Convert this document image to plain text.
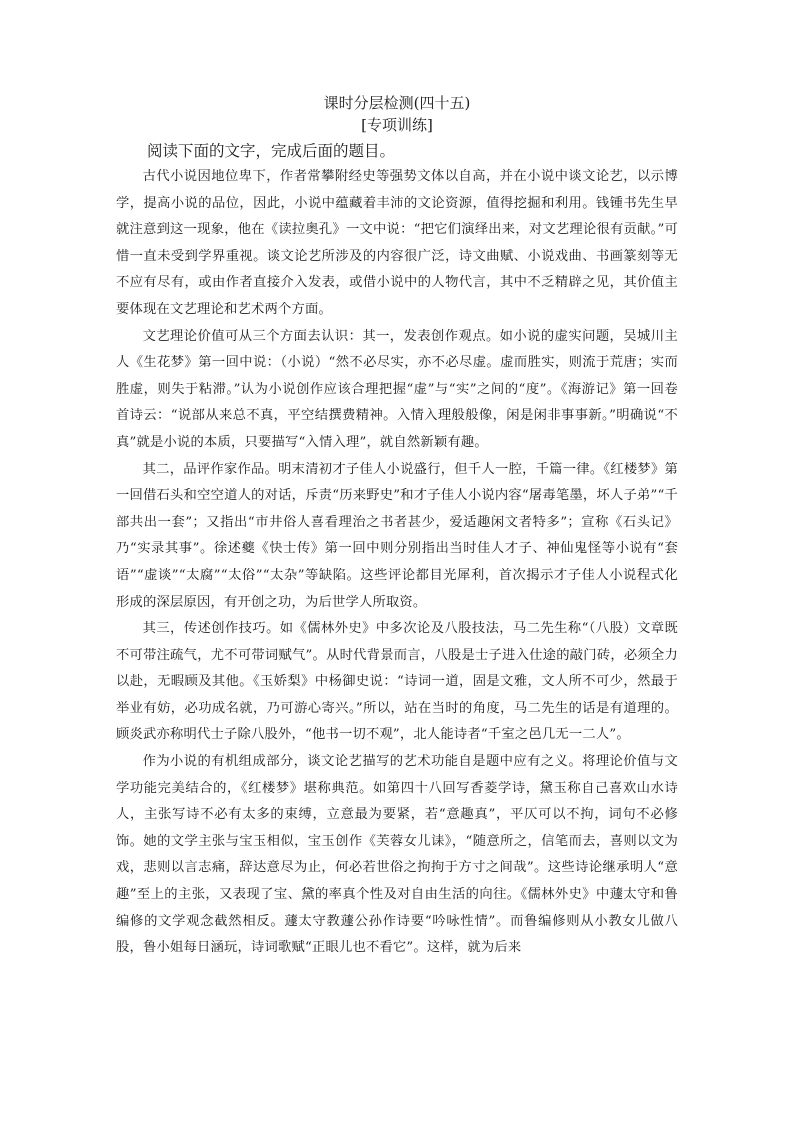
课时分层检测(四十五)
[专项训练]

阅读下面的文字，完成后面的题目。

古代小说因地位卑下，作者常攀附经史等强势文体以自高，并在小说中谈文论艺，以示博学，提高小说的品位，因此，小说中蕴藏着丰沛的文论资源，值得挖掘和利用。钱锺书先生早就注意到这一现象，他在《读拉奥孔》一文中说：“把它们演绎出来，对文艺理论很有贡献。”可惜一直未受到学界重视。谈文论艺所涉及的内容很广泛，诗文曲赋、小说戏曲、书画篆刻等无不应有尽有，或由作者直接介入发表，或借小说中的人物代言，其中不乏精辟之见，其价值主要体现在文艺理论和艺术两个方面。

文艺理论价值可从三个方面去认识：其一，发表创作观点。如小说的虚实问题，吴城川主人《生花梦》第一回中说：（小说）“然不必尽实，亦不必尽虚。虚而胜实，则流于荒唐；实而胜虚，则失于粘滞。”认为小说创作应该合理把握“虚”与“实”之间的“度”。《海游记》第一回卷首诗云：“说部从来总不真，平空结撰费精神。入情入理般般像，闲是闲非事事新。”明确说“不真”就是小说的本质，只要描写“入情入理”，就自然新颖有趣。

其二，品评作家作品。明末清初才子佳人小说盛行，但千人一腔，千篇一律。《红楼梦》第一回借石头和空空道人的对话，斥责“历来野史”和才子佳人小说内容“屠毒笔墨，坏人子弟”“千部共出一套”；又指出“市井俗人喜看理治之书者甚少，爱适趣闲文者特多”；宣称《石头记》乃“实录其事”。徐述夔《快士传》第一回中则分别指出当时佳人才子、神仙鬼怪等小说有“套语”“虚谈”“太腐”“太俗”“太杂”等缺陷。这些评论都目光犀利，首次揭示才子佳人小说程式化形成的深层原因，有开创之功，为后世学人所取资。

其三，传述创作技巧。如《儒林外史》中多次论及八股技法，马二先生称“（八股）文章既不可带注疏气，尤不可带词赋气”。从时代背景而言，八股是士子进入仕途的敲门砖，必须全力以赴，无暇顾及其他。《玉娇梨》中杨御史说：“诗词一道，固是文雅，文人所不可少，然最于举业有妨，必功成名就，乃可游心寄兴。”所以，站在当时的角度，马二先生的话是有道理的。顾炎武亦称明代士子除八股外，“他书一切不观”，北人能诗者“千室之邑几无一二人”。

作为小说的有机组成部分，谈文论艺描写的艺术功能自是题中应有之义。将理论价值与文学功能完美结合的，《红楼梦》堪称典范。如第四十八回写香菱学诗，黛玉称自己喜欢山水诗人，主张写诗不必有太多的束缚，立意最为要紧，若“意趣真”，平仄可以不拘，词句不必修饰。她的文学主张与宝玉相似，宝玉创作《芙蓉女儿诔》，“随意所之，信笔而去，喜则以文为戏，悲则以言志痛，辞达意尽为止，何必若世俗之拘拘于方寸之间哉”。这些诗论继承明人“意趣”至上的主张，又表现了宝、黛的率真个性及对自由生活的向往。《儒林外史》中蘧太守和鲁编修的文学观念截然相反。蘧太守教蘧公孙作诗要“吟咏性情”。而鲁编修则从小教女儿做八股，鲁小姐每日涵玩，诗词歌赋“正眼儿也不看它”。这样，就为后来
